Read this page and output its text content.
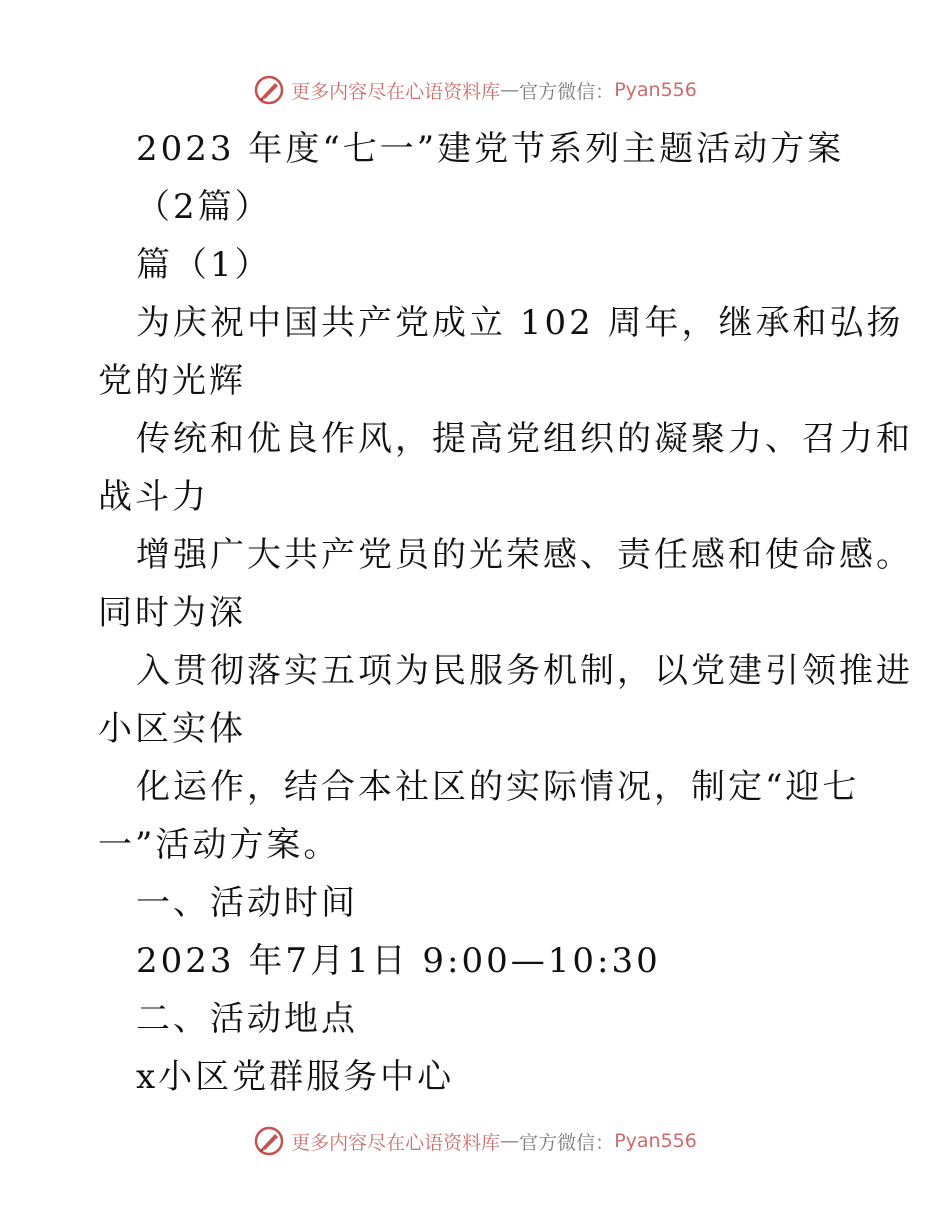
更多内容尽在心语资料库 — 官方微信： Pyan556
2023 年度“七一”建党节系列主题活动方案
（2篇）
篇（1）
为庆祝中国共产党成立 102 周年，继承和弘扬
党的光辉
传统和优良作风，提高党组织的凝聚力、召力和
战斗力
增强广大共产党员的光荣感、责任感和使命感。
同时为深
入贯彻落实五项为民服务机制，以党建引领推进
小区实体
化运作，结合本社区的实际情况，制定“迎七
一”活动方案。
一、活动时间
2023 年7月1日 9:00—10:30
二、活动地点
x小区党群服务中心
更多内容尽在心语资料库 — 官方微信： Pyan556
